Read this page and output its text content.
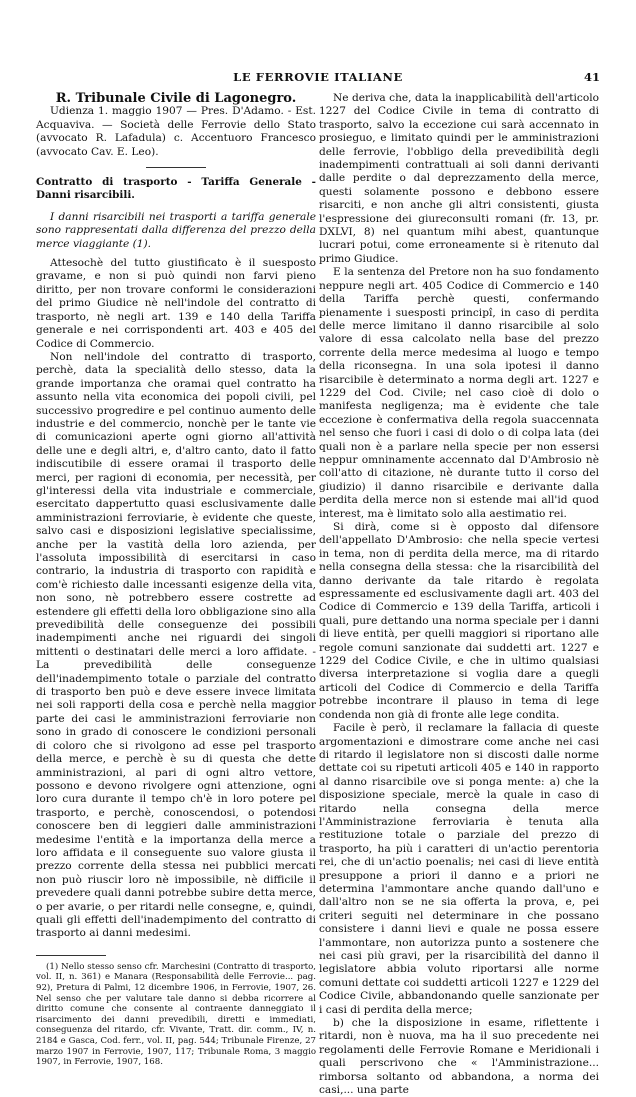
LE FERROVIE ITALIANE	41

R. Tribunale Civile di Lagonegro.

Udienza 1. maggio 1907 — Pres. D'Adamo. - Est. Acquaviva. — Società delle Ferrovie dello Stato (avvocato R. Lafadula) c. Accentuoro Francesco (avvocato Cav. E. Leo).

Contratto di trasporto - Tariffa Generale - Danni risarcibili.

I danni risarcibili nei trasporti a tariffa generale sono rappresentati dalla differenza del prezzo della merce viaggiante (1).

Attesochè del tutto giustificato è il suesposto gravame, e non si può quindi non farvi pieno diritto, per non trovare conformi le considerazioni del primo Giudice nè nell'indole del contratto di trasporto, nè negli art. 139 e 140 della Tariffa generale e nei corrispondenti art. 403 e 405 del Codice di Commercio.

Non nell'indole del contratto di trasporto, perchè, data la specialità dello stesso, data la grande importanza che oramai quel contratto ha assunto nella vita economica dei popoli civili, pel successivo progredire e pel continuo aumento delle industrie e del commercio, nonchè per le tante vie di comunicazioni aperte ogni giorno all'attività delle une e degli altri, e, d'altro canto, dato il fatto indiscutibile di essere oramai il trasporto delle merci, per ragioni di economia, per necessità, per gl'interessi della vita industriale e commerciale, esercitato dappertutto quasi esclusivamente dalle amministrazioni ferroviarie, è evidente che queste, salvo casi e disposizioni legislative specialissime, anche per la vastità della loro azienda, per l'assoluta impossibilità di esercitarsi in caso contrario, la industria di trasporto con rapidità e com'è richiesto dalle incessanti esigenze della vita, non sono, nè potrebbero essere costrette ad estendere gli effetti della loro obbligazione sino alla prevedibilità delle conseguenze dei possibili inadempimenti anche nei riguardi dei singoli mittenti o destinatari delle merci a loro affidate. - La prevedibilità delle conseguenze dell'inadempimento totale o parziale del contratto di trasporto ben può e deve essere invece limitata nei soli rapporti della cosa e perchè nella maggior parte dei casi le amministrazioni ferroviarie non sono in grado di conoscere le condizioni personali di coloro che si rivolgono ad esse pel trasporto della merce, e perchè è su di questa che dette amministrazioni, al pari di ogni altro vettore, possono e devono rivolgere ogni attenzione, ogni loro cura durante il tempo ch'è in loro potere pel trasporto, e perchè, conoscendosi, o potendosi conoscere ben di leggieri dalle amministrazioni medesime l'entità e la importanza della merce a loro affidata e il conseguente suo valore giusta il prezzo corrente della stessa nei pubblici mercati non può riuscir loro nè impossibile, nè difficile il prevedere quali danni potrebbe subire detta merce, o per avarie, o per ritardi nelle consegne, e, quindi, quali gli effetti dell'inadempimento del contratto di trasporto ai danni medesimi.

(1) Nello stesso senso cfr. Marchesini (Contratto di trasporto, vol. II, n. 361) e Manara (Responsabilità delle Ferrovie... pag. 92), Pretura di Palmi, 12 dicembre 1906, in Ferrovie, 1907, 26. Nel senso che per valutare tale danno si debba ricorrere al diritto comune che consente al contraente danneggiato il risarcimento dei danni prevedibili, diretti e immediati, conseguenza del ritardo, cfr. Vivante, Tratt. dir. comm., IV, n. 2184 e Gasca, Cod. ferr., vol. II, pag. 544; Tribunale Firenze, 27 marzo 1907 in Ferrovie, 1907, 117; Tribunale Roma, 3 maggio 1907, in Ferrovie, 1907, 168.

Ne deriva che, data la inapplicabilità dell'articolo 1227 del Codice Civile in tema di contratto di trasporto, salvo la eccezione cui sarà accennato in prosieguo, e limitato quindi per le amministrazioni delle ferrovie, l'obbligo della prevedibilità degli inadempimenti contrattuali ai soli danni derivanti dalle perdite o dal deprezzamento della merce, questi solamente possono e debbono essere risarciti, e non anche gli altri consistenti, giusta l'espressione dei giureconsulti romani (fr. 13, pr. DXLVI, 8) nel quantum mihi abest, quantunque lucrari potui, come erroneamente si è ritenuto dal primo Giudice.

E la sentenza del Pretore non ha suo fondamento neppure negli art. 405 Codice di Commercio e 140 della Tariffa perchè questi, confermando pienamente i suesposti principî, in caso di perdita delle merce limitano il danno risarcibile al solo valore di essa calcolato nella base del prezzo corrente della merce medesima al luogo e tempo della riconsegna. In una sola ipotesi il danno risarcibile è determinato a norma degli art. 1227 e 1229 del Cod. Civile; nel caso cioè di dolo o manifesta negligenza; ma è evidente che tale eccezione è confermativa della regola suaccennata nel senso che fuori i casi di dolo o di colpa lata (dei quali non è a parlare nella specie per non essersi neppur omninamente accennato dal D'Ambrosio nè coll'atto di citazione, nè durante tutto il corso del giudizio) il danno risarcibile e derivante dalla perdita della merce non si estende mai all'id quod interest, ma è limitato solo alla aestimatio rei.

Si dirà, come si è opposto dal difensore dell'appellato D'Ambrosio: che nella specie vertesi in tema, non di perdita della merce, ma di ritardo nella consegna della stessa: che la risarcibilità del danno derivante da tale ritardo è regolata espressamente ed esclusivamente dagli art. 403 del Codice di Commercio e 139 della Tariffa, articoli i quali, pure dettando una norma speciale per i danni di lieve entità, per quelli maggiori si riportano alle regole comuni sanzionate dai suddetti art. 1227 e 1229 del Codice Civile, e che in ultimo qualsiasi diversa interpretazione si voglia dare a quegli articoli del Codice di Commercio e della Tariffa potrebbe incontrare il plauso in tema di lege condenda non già di fronte alle lege condita.

Facile è però, il reclamare la fallacia di queste argomentazioni e dimostrare come anche nei casi di ritardo il legislatore non si discosti dalle norme dettate coi su ripetuti articoli 405 e 140 in rapporto al danno risarcibile ove si ponga mente: a) che la disposizione speciale, mercè la quale in caso di ritardo nella consegna della merce l'Amministrazione ferroviaria è tenuta alla restituzione totale o parziale del prezzo di trasporto, ha più i caratteri di un'actio perentoria rei, che di un'actio poenalis; nei casi di lieve entità presuppone a priori il danno e a priori ne determina l'ammontare anche quando dall'uno e dall'altro non se ne sia offerta la prova, e, pei criteri seguiti nel determinare in che possano consistere i danni lievi e quale ne possa essere l'ammontare, non autorizza punto a sostenere che nei casi più gravi, per la risarcibilità del danno il legislatore abbia voluto riportarsi alle norme comuni dettate coi suddetti articoli 1227 e 1229 del Codice Civile, abbandonando quelle sanzionate per i casi di perdita della merce;

b) che la disposizione in esame, riflettente i ritardi, non è nuova, ma ha il suo precedente nei regolamenti delle Ferrovie Romane e Meridionali i quali perscrivono che « l'Amministrazione... rimborsa soltanto od abbandona, a norma dei casi,... una parte
